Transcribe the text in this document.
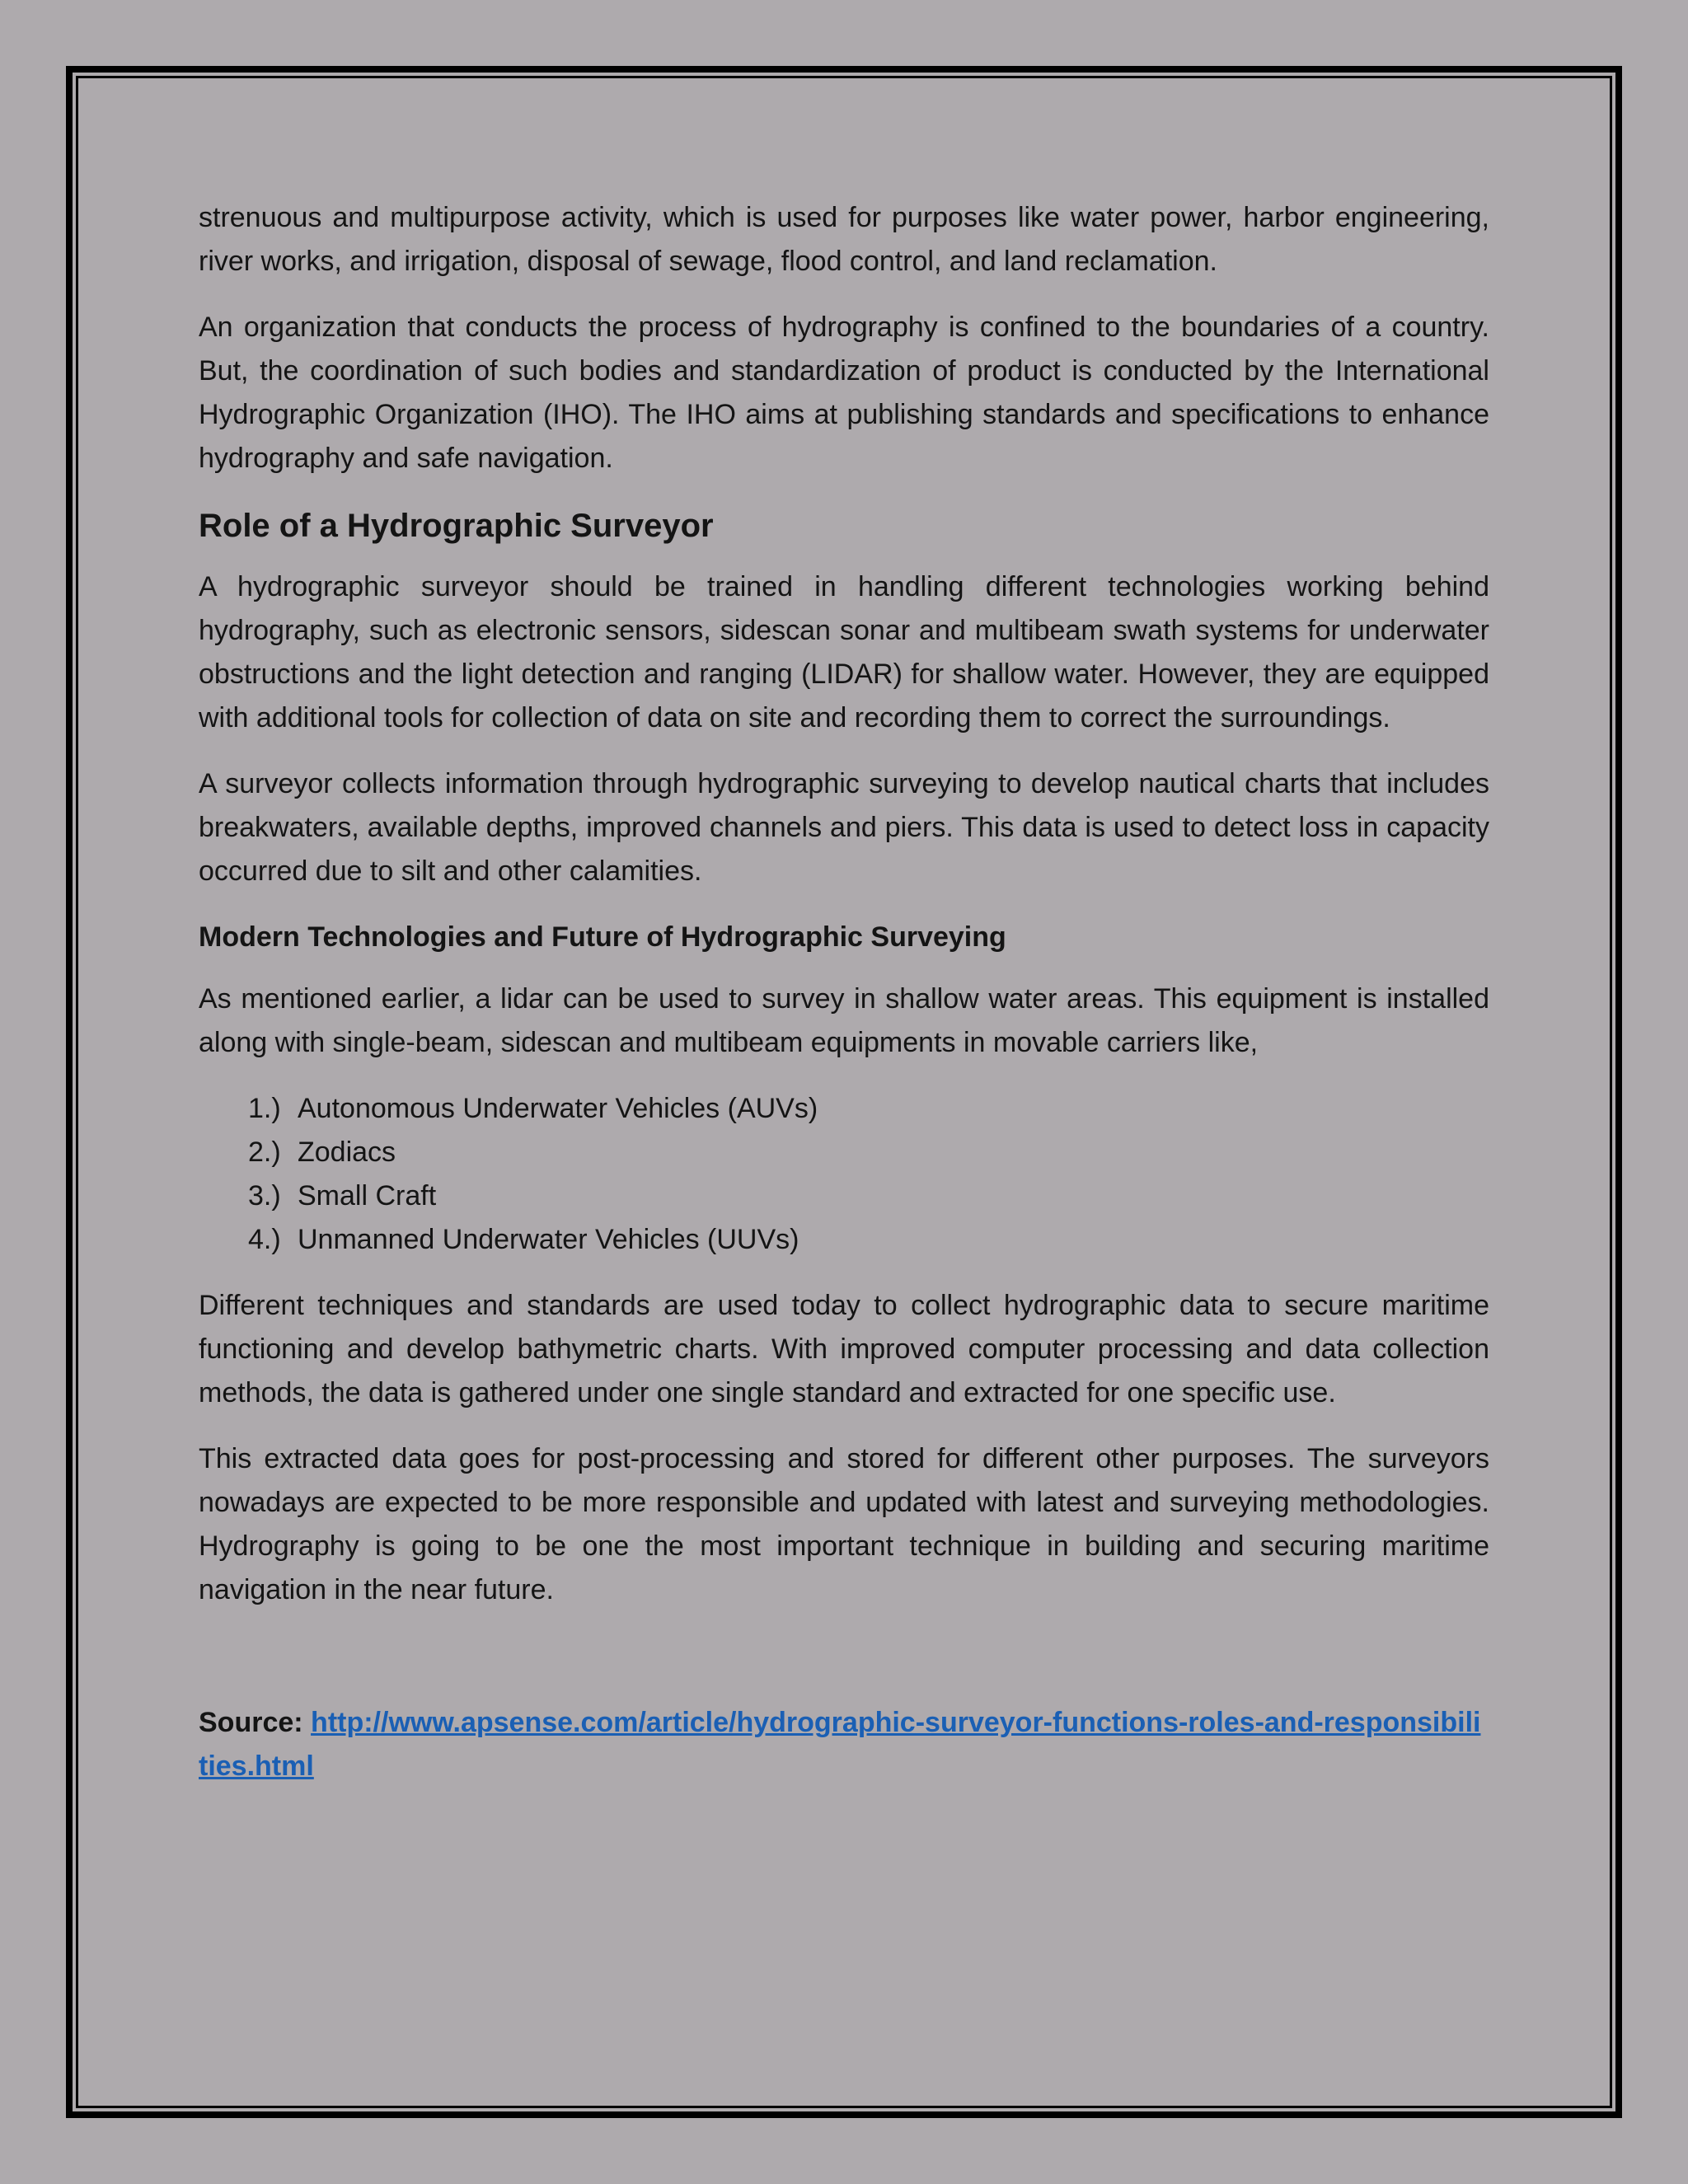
strenuous and multipurpose activity, which is used for purposes like water power, harbor engineering, river works, and irrigation, disposal of sewage, flood control, and land reclamation.

An organization that conducts the process of hydrography is confined to the boundaries of a country. But, the coordination of such bodies and standardization of product is conducted by the International Hydrographic Organization (IHO). The IHO aims at publishing standards and specifications to enhance hydrography and safe navigation.

Role of a Hydrographic Surveyor

A hydrographic surveyor should be trained in handling different technologies working behind hydrography, such as electronic sensors, sidescan sonar and multibeam swath systems for underwater obstructions and the light detection and ranging (LIDAR) for shallow water. However, they are equipped with additional tools for collection of data on site and recording them to correct the surroundings.

A surveyor collects information through hydrographic surveying to develop nautical charts that includes breakwaters, available depths, improved channels and piers. This data is used to detect loss in capacity occurred due to silt and other calamities.

Modern Technologies and Future of Hydrographic Surveying

As mentioned earlier, a lidar can be used to survey in shallow water areas. This equipment is installed along with single-beam, sidescan and multibeam equipments in movable carriers like,

1.) Autonomous Underwater Vehicles (AUVs)
2.) Zodiacs
3.) Small Craft
4.) Unmanned Underwater Vehicles (UUVs)

Different techniques and standards are used today to collect hydrographic data to secure maritime functioning and develop bathymetric charts. With improved computer processing and data collection methods, the data is gathered under one single standard and extracted for one specific use.

This extracted data goes for post-processing and stored for different other purposes. The surveyors nowadays are expected to be more responsible and updated with latest and surveying methodologies. Hydrography is going to be one the most important technique in building and securing maritime navigation in the near future.

Source: http://www.apsense.com/article/hydrographic-surveyor-functions-roles-and-responsibilities.html
